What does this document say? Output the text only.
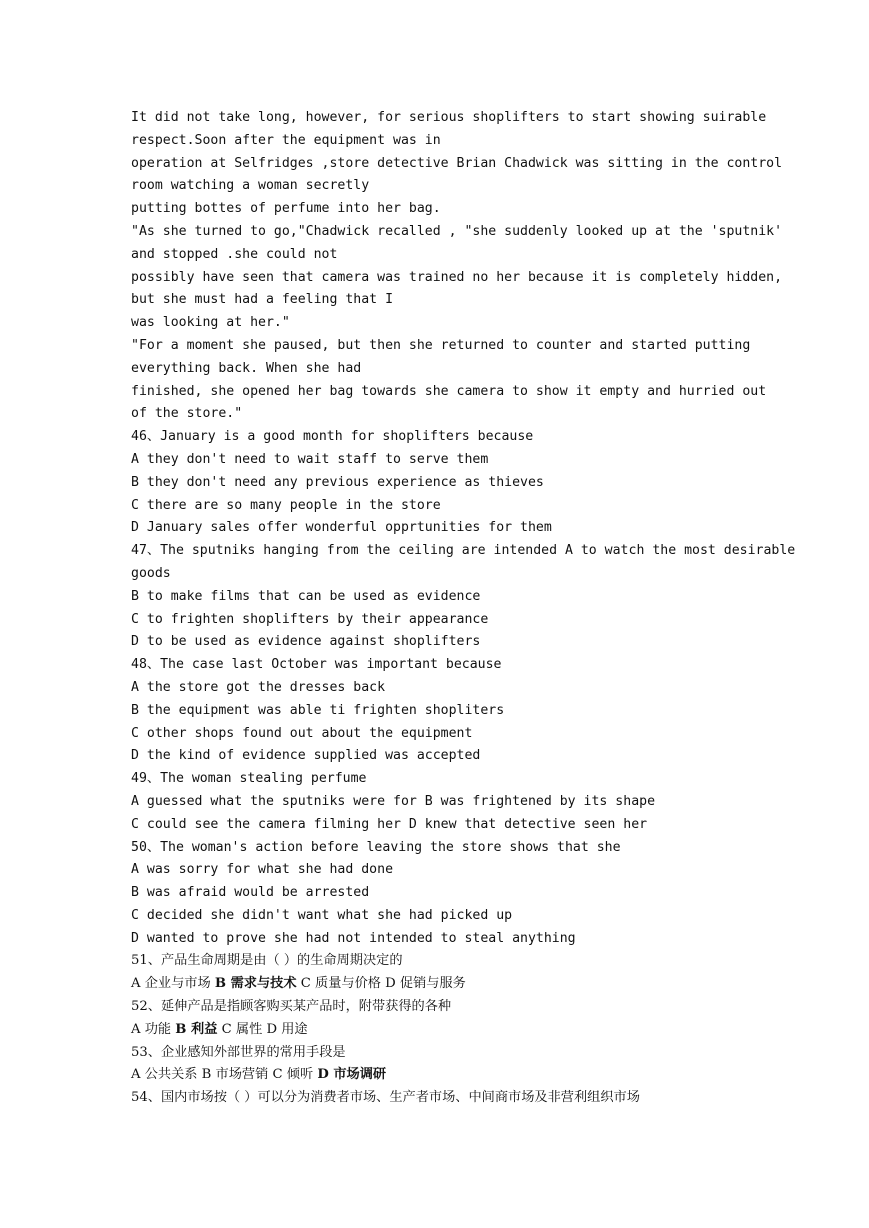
It did not take long, however, for serious shoplifters to start showing suirable
respect.Soon after the equipment was in
operation at Selfridges ,store detective Brian Chadwick was sitting in the control
room watching a woman secretly
putting bottes of perfume into her bag.
"As she turned to go,"Chadwick recalled , "she suddenly looked up at the 'sputnik'
and stopped .she could not
possibly have seen that camera was trained no her because it is completely hidden,
but she must had a feeling that I
was looking at her."
"For a moment she paused, but then she returned to counter and started putting
everything back. When she had
finished, she opened her bag towards she camera to show it empty and hurried out
of the store."
46、January is a good month for shoplifters because
A they don't need to wait staff to serve them
B they don't need any previous experience as thieves
C there are so many people in the store
D January sales offer wonderful opprtunities for them
47、The sputniks hanging from the ceiling are intended A to watch the most desirable
goods
B to make films that can be used as evidence
C to frighten shoplifters by their appearance
D to be used as evidence against shoplifters
48、The case last October was important because
A the store got the dresses back
B the equipment was able ti frighten shopliters
C other shops found out about the equipment
D the kind of evidence supplied was accepted
49、The woman stealing perfume
A guessed what the sputniks were for B was frightened by its shape
C could see the camera filming her D knew that detective seen her
50、The woman's action before leaving the store shows that she
A was sorry for what she had done
B was afraid would be arrested
C decided she didn't want what she had picked up
D wanted to prove she had not intended to steal anything
51、产品生命周期是由（ ）的生命周期决定的
A 企业与市场 B 需求与技术 C 质量与价格 D 促销与服务
52、延伸产品是指顾客购买某产品时，附带获得的各种
A 功能 B 利益 C 属性 D 用途
53、企业感知外部世界的常用手段是
A 公共关系 B 市场营销 C 倾听 D 市场调研
54、国内市场按（ ）可以分为消费者市场、生产者市场、中间商市场及非营利组织市场
